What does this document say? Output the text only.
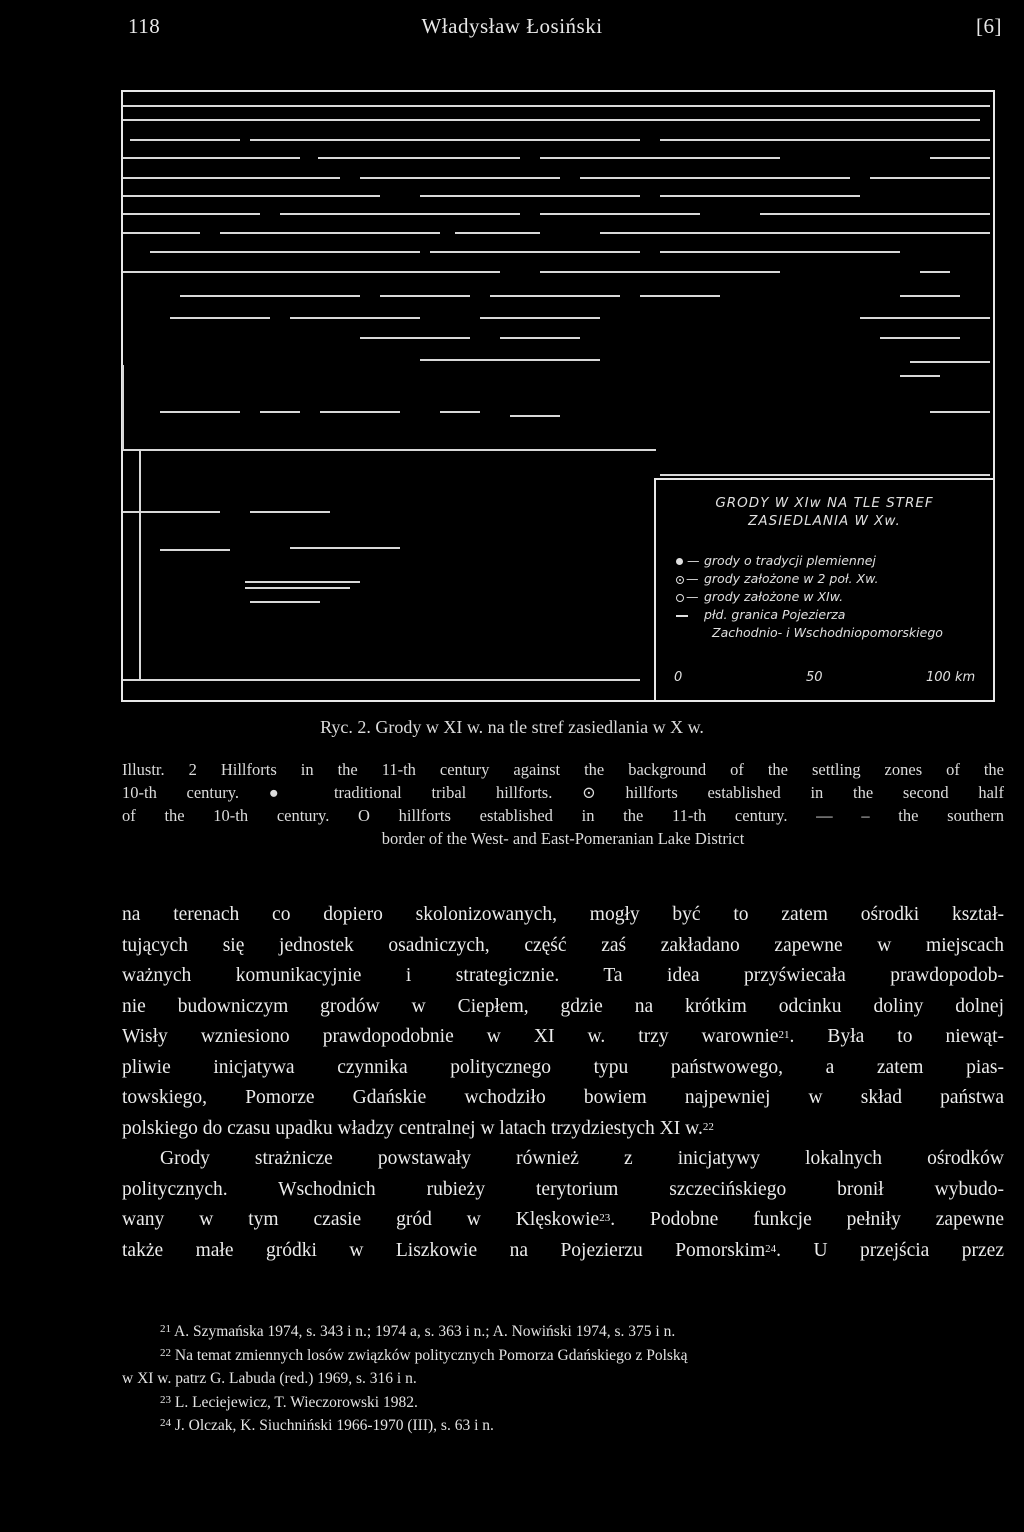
118	Władysław Łosiński	[6]
GRODY W XIw NA TLE STREF
ZASIEDLANIA W Xw.
— grody o tradycji plemiennej
— grody założone w 2 poł. Xw.
— grody założone w XIw.
płd. granica Pojezierza
Zachodnio- i Wschodniopomorskiego
0	50	100 km
Ryc. 2. Grody w XI w. na tle stref zasiedlania w X w.

Illustr. 2 Hillforts in the 11-th century against the background of the settling zones of the

10-th century. ● traditional tribal hillforts. ⊙ hillforts established in the second half

of the 10-th century. O hillforts established in the 11-th century. — – the southern

border of the West- and East-Pomeranian Lake District

na terenach co dopiero skolonizowanych, mogły być to zatem ośrodki kształ-

tujących się jednostek osadniczych, część zaś zakładano zapewne w miejscach

ważnych komunikacyjnie i strategicznie. Ta idea przyświecała prawdopodob-

nie budowniczym grodów w Ciepłem, gdzie na krótkim odcinku doliny dolnej

Wisły wzniesiono prawdopodobnie w XI w. trzy warownie$^{21}$. Była to niewąt-

pliwie inicjatywa czynnika politycznego typu państwowego, a zatem pias-

towskiego, Pomorze Gdańskie wchodziło bowiem najpewniej w skład państwa

polskiego do czasu upadku władzy centralnej w latach trzydziestych XI w.$^{22}$

Grody strażnicze powstawały również z inicjatywy lokalnych ośrodków

politycznych. Wschodnich rubieży terytorium szczecińskiego bronił wybudo-

wany w tym czasie gród w Klęskowie$^{23}$. Podobne funkcje pełniły zapewne

także małe gródki w Liszkowie na Pojezierzu Pomorskim$^{24}$. U przejścia przez

$^{21}$ A. Szymańska 1974, s. 343 i n.; 1974 a, s. 363 i n.; A. Nowiński 1974, s. 375 i n.

$^{22}$ Na temat zmiennych losów związków politycznych Pomorza Gdańskiego z Polską

w XI w. patrz G. Labuda (red.) 1969, s. 316 i n.

$^{23}$ L. Leciejewicz, T. Wieczorowski 1982.

$^{24}$ J. Olczak, K. Siuchniński 1966-1970 (III), s. 63 i n.
